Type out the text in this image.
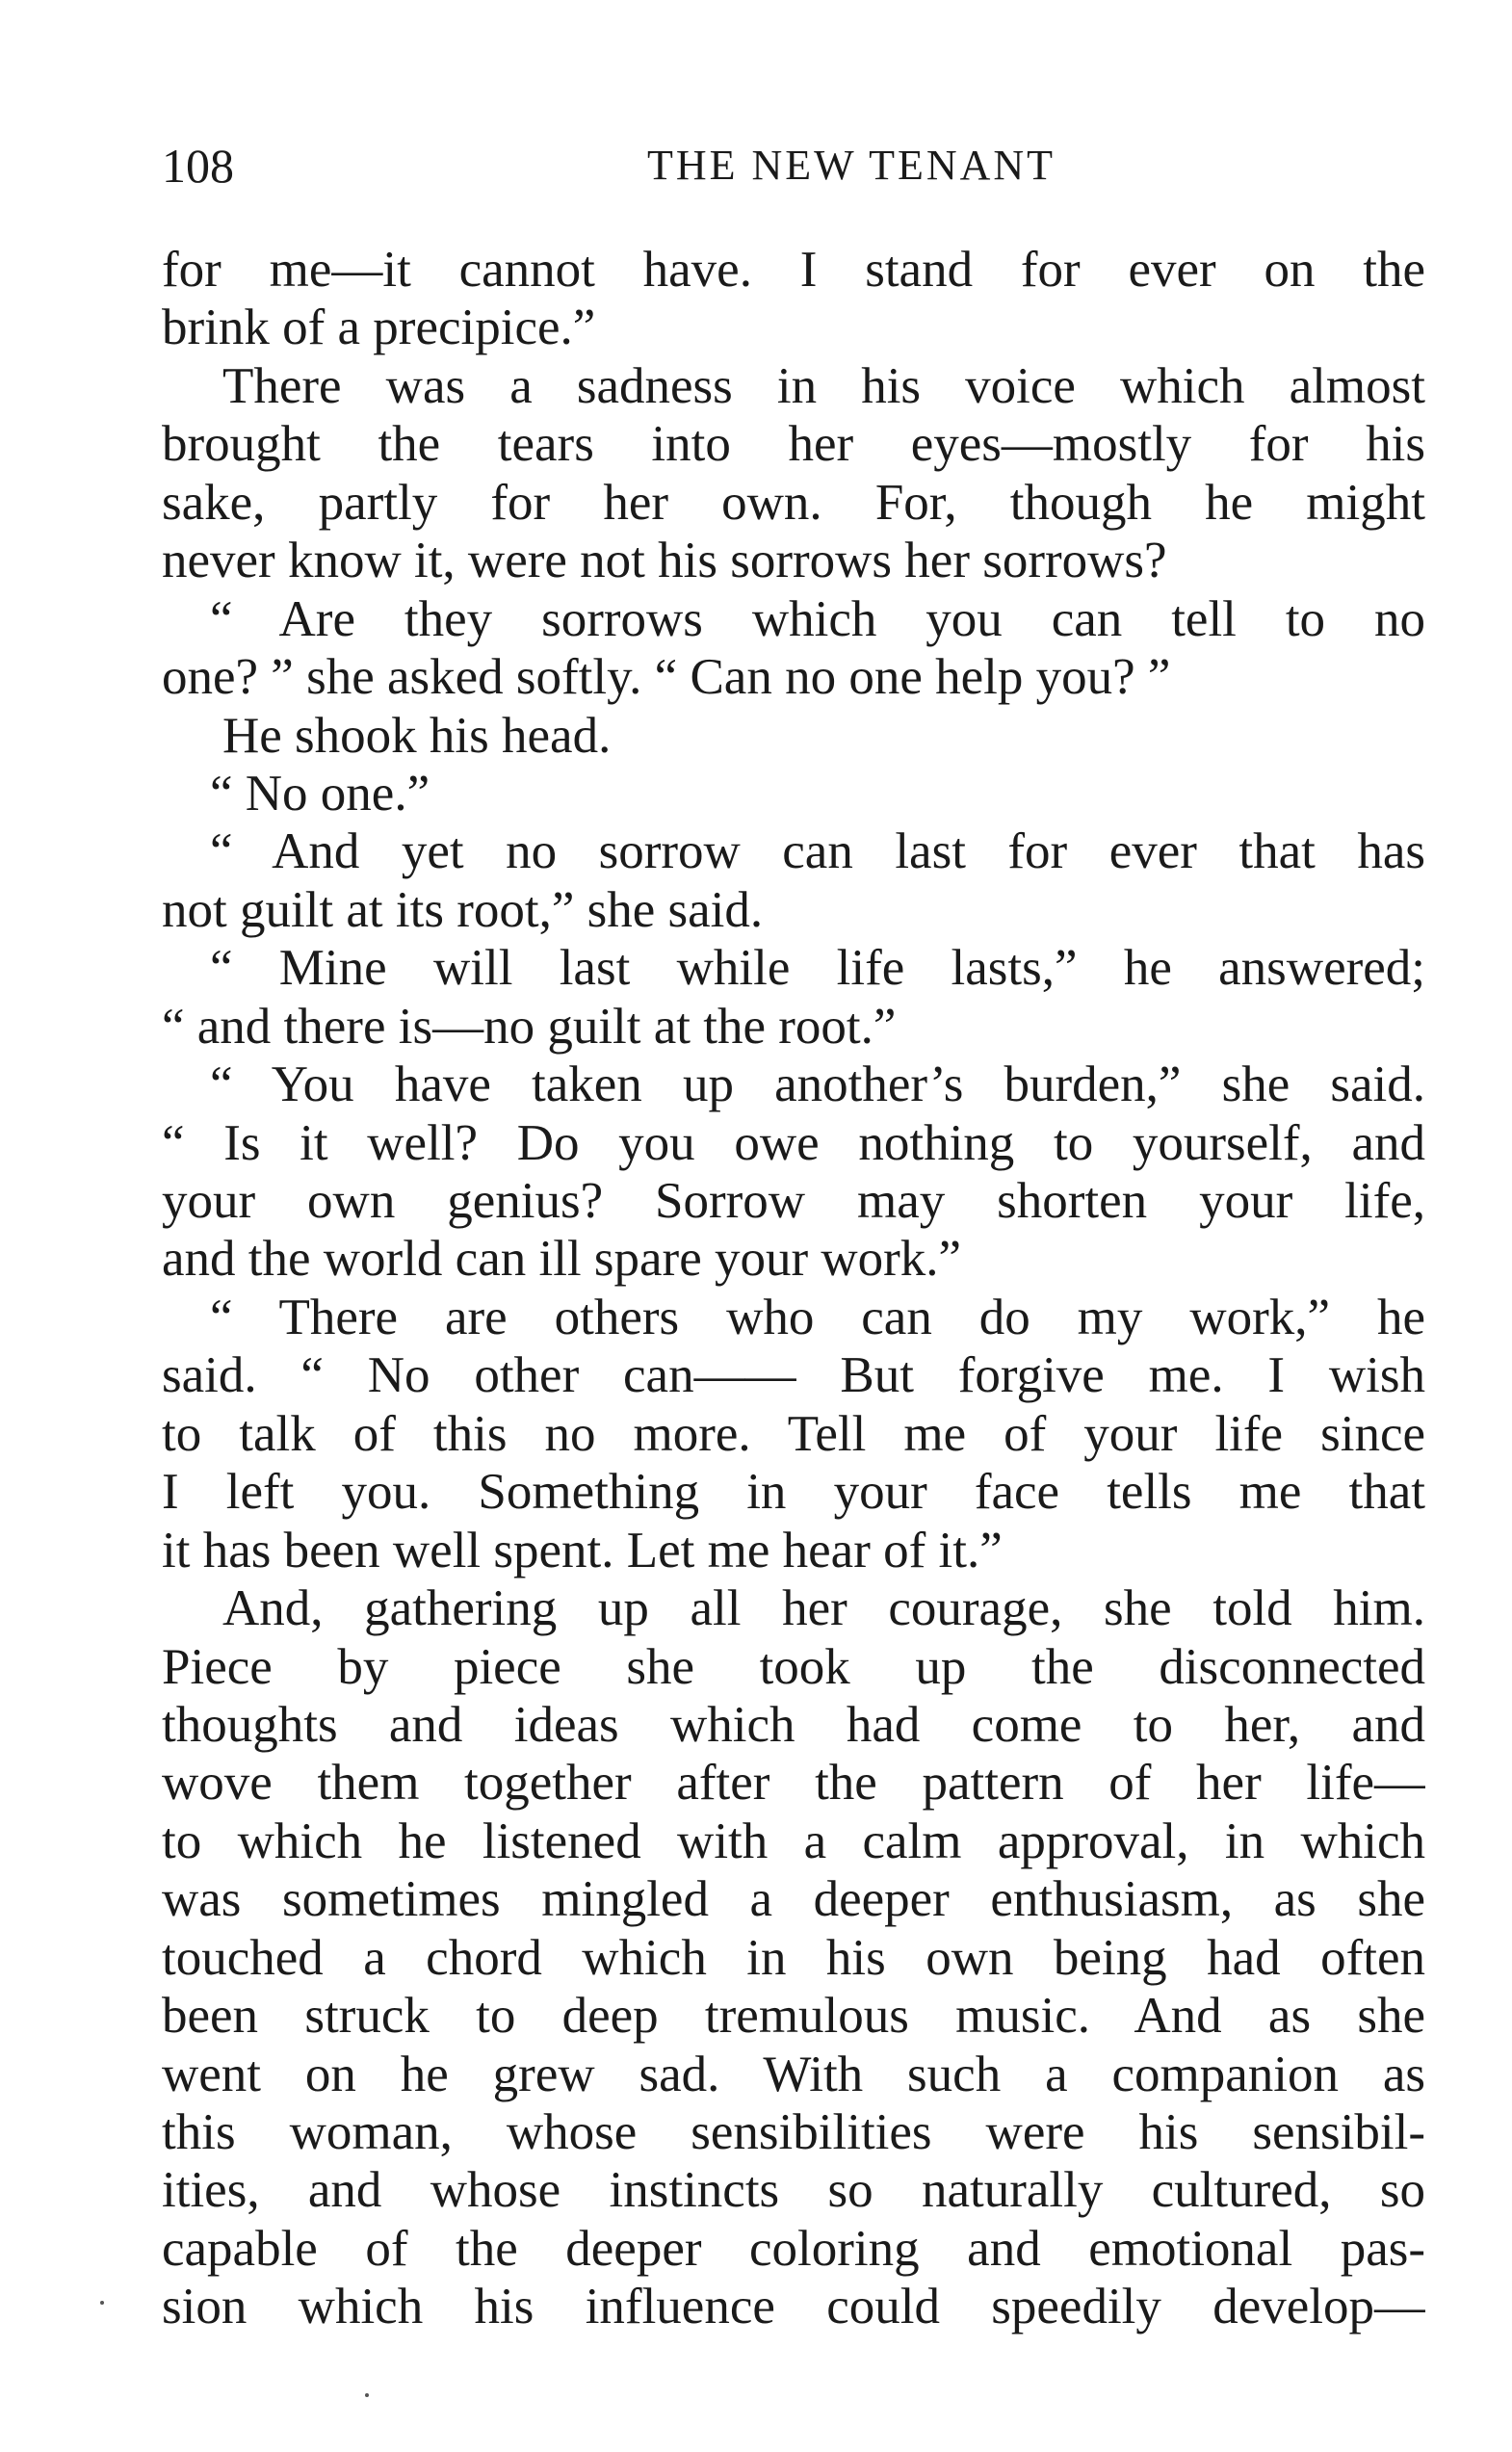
108	THE NEW TENANT
for me—it cannot have. I stand for ever on the
brink of a precipice.”
There was a sadness in his voice which almost
brought the tears into her eyes—mostly for his
sake, partly for her own. For, though he might
never know it, were not his sorrows her sorrows?
“ Are they sorrows which you can tell to no
one? ” she asked softly. “ Can no one help you? ”
He shook his head.
“ No one.”
“ And yet no sorrow can last for ever that has
not guilt at its root,” she said.
“ Mine will last while life lasts,” he answered;
“ and there is—no guilt at the root.”
“ You have taken up another’s burden,” she said.
“ Is it well? Do you owe nothing to yourself, and
your own genius? Sorrow may shorten your life,
and the world can ill spare your work.”
“ There are others who can do my work,” he
said. “ No other can—— But forgive me. I wish
to talk of this no more. Tell me of your life since
I left you. Something in your face tells me that
it has been well spent. Let me hear of it.”
And, gathering up all her courage, she told him.
Piece by piece she took up the disconnected
thoughts and ideas which had come to her, and
wove them together after the pattern of her life—
to which he listened with a calm approval, in which
was sometimes mingled a deeper enthusiasm, as she
touched a chord which in his own being had often
been struck to deep tremulous music. And as she
went on he grew sad. With such a companion as
this woman, whose sensibilities were his sensibil-
ities, and whose instincts so naturally cultured, so
capable of the deeper coloring and emotional pas-
sion which his influence could speedily develop—
